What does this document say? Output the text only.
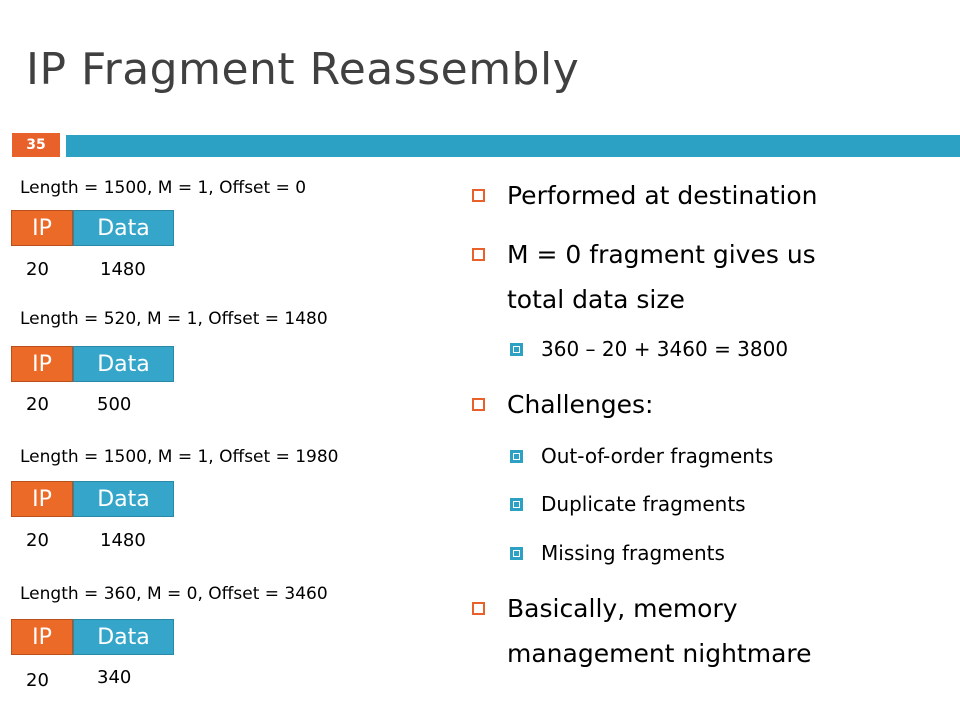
IP Fragment Reassembly
35
Length = 1500, M = 1, Offset = 0
IP	Data
20	1480
Length = 520, M = 1, Offset = 1480
IP	Data
20	500
Length = 1500, M = 1, Offset = 1980
IP	Data
20	1480
Length = 360, M = 0, Offset = 3460
IP	Data
20	340
Performed at destination
M = 0 fragment gives us
total data size
360 – 20 + 3460 = 3800
Challenges:
Out-of-order fragments
Duplicate fragments
Missing fragments
Basically, memory
management nightmare
